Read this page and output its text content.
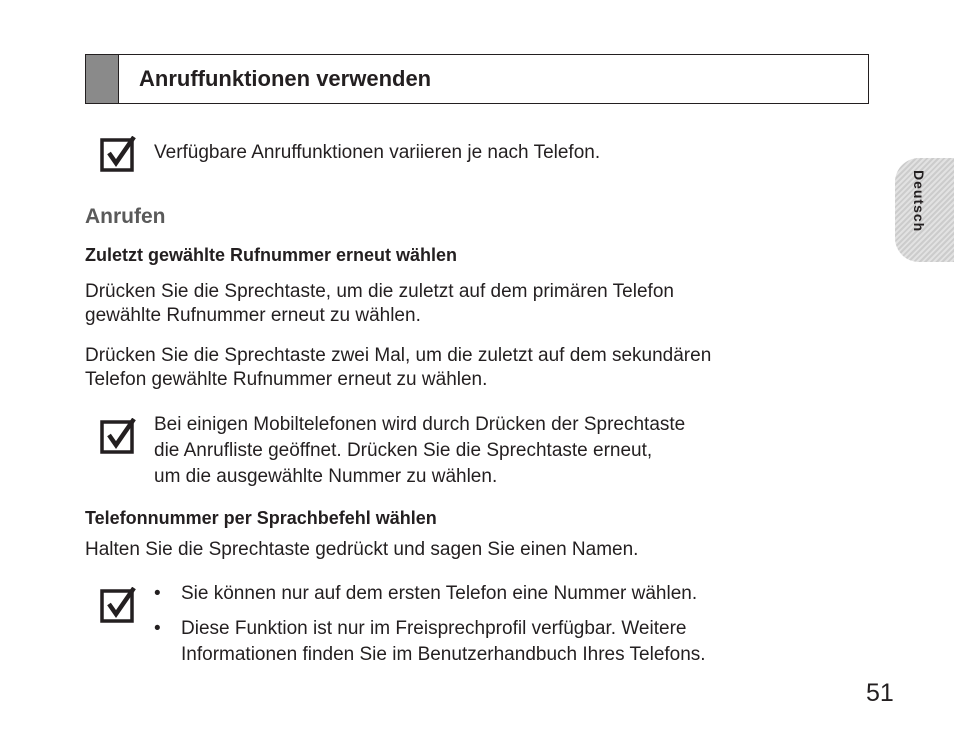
Anruffunktionen verwenden
Deutsch
Verfügbare Anruffunktionen variieren je nach Telefon.
Anrufen
Zuletzt gewählte Rufnummer erneut wählen
Drücken Sie die Sprechtaste, um die zuletzt auf dem primären Telefon
gewählte Rufnummer erneut zu wählen.
Drücken Sie die Sprechtaste zwei Mal, um die zuletzt auf dem sekundären
Telefon gewählte Rufnummer erneut zu wählen.
Bei einigen Mobiltelefonen wird durch Drücken der Sprechtaste
die Anrufliste geöffnet. Drücken Sie die Sprechtaste erneut,
um die ausgewählte Nummer zu wählen.
Telefonnummer per Sprachbefehl wählen
Halten Sie die Sprechtaste gedrückt und sagen Sie einen Namen.
• Sie können nur auf dem ersten Telefon eine Nummer wählen.
• Diese Funktion ist nur im Freisprechprofil verfügbar. Weitere
Informationen finden Sie im Benutzerhandbuch Ihres Telefons.
51
